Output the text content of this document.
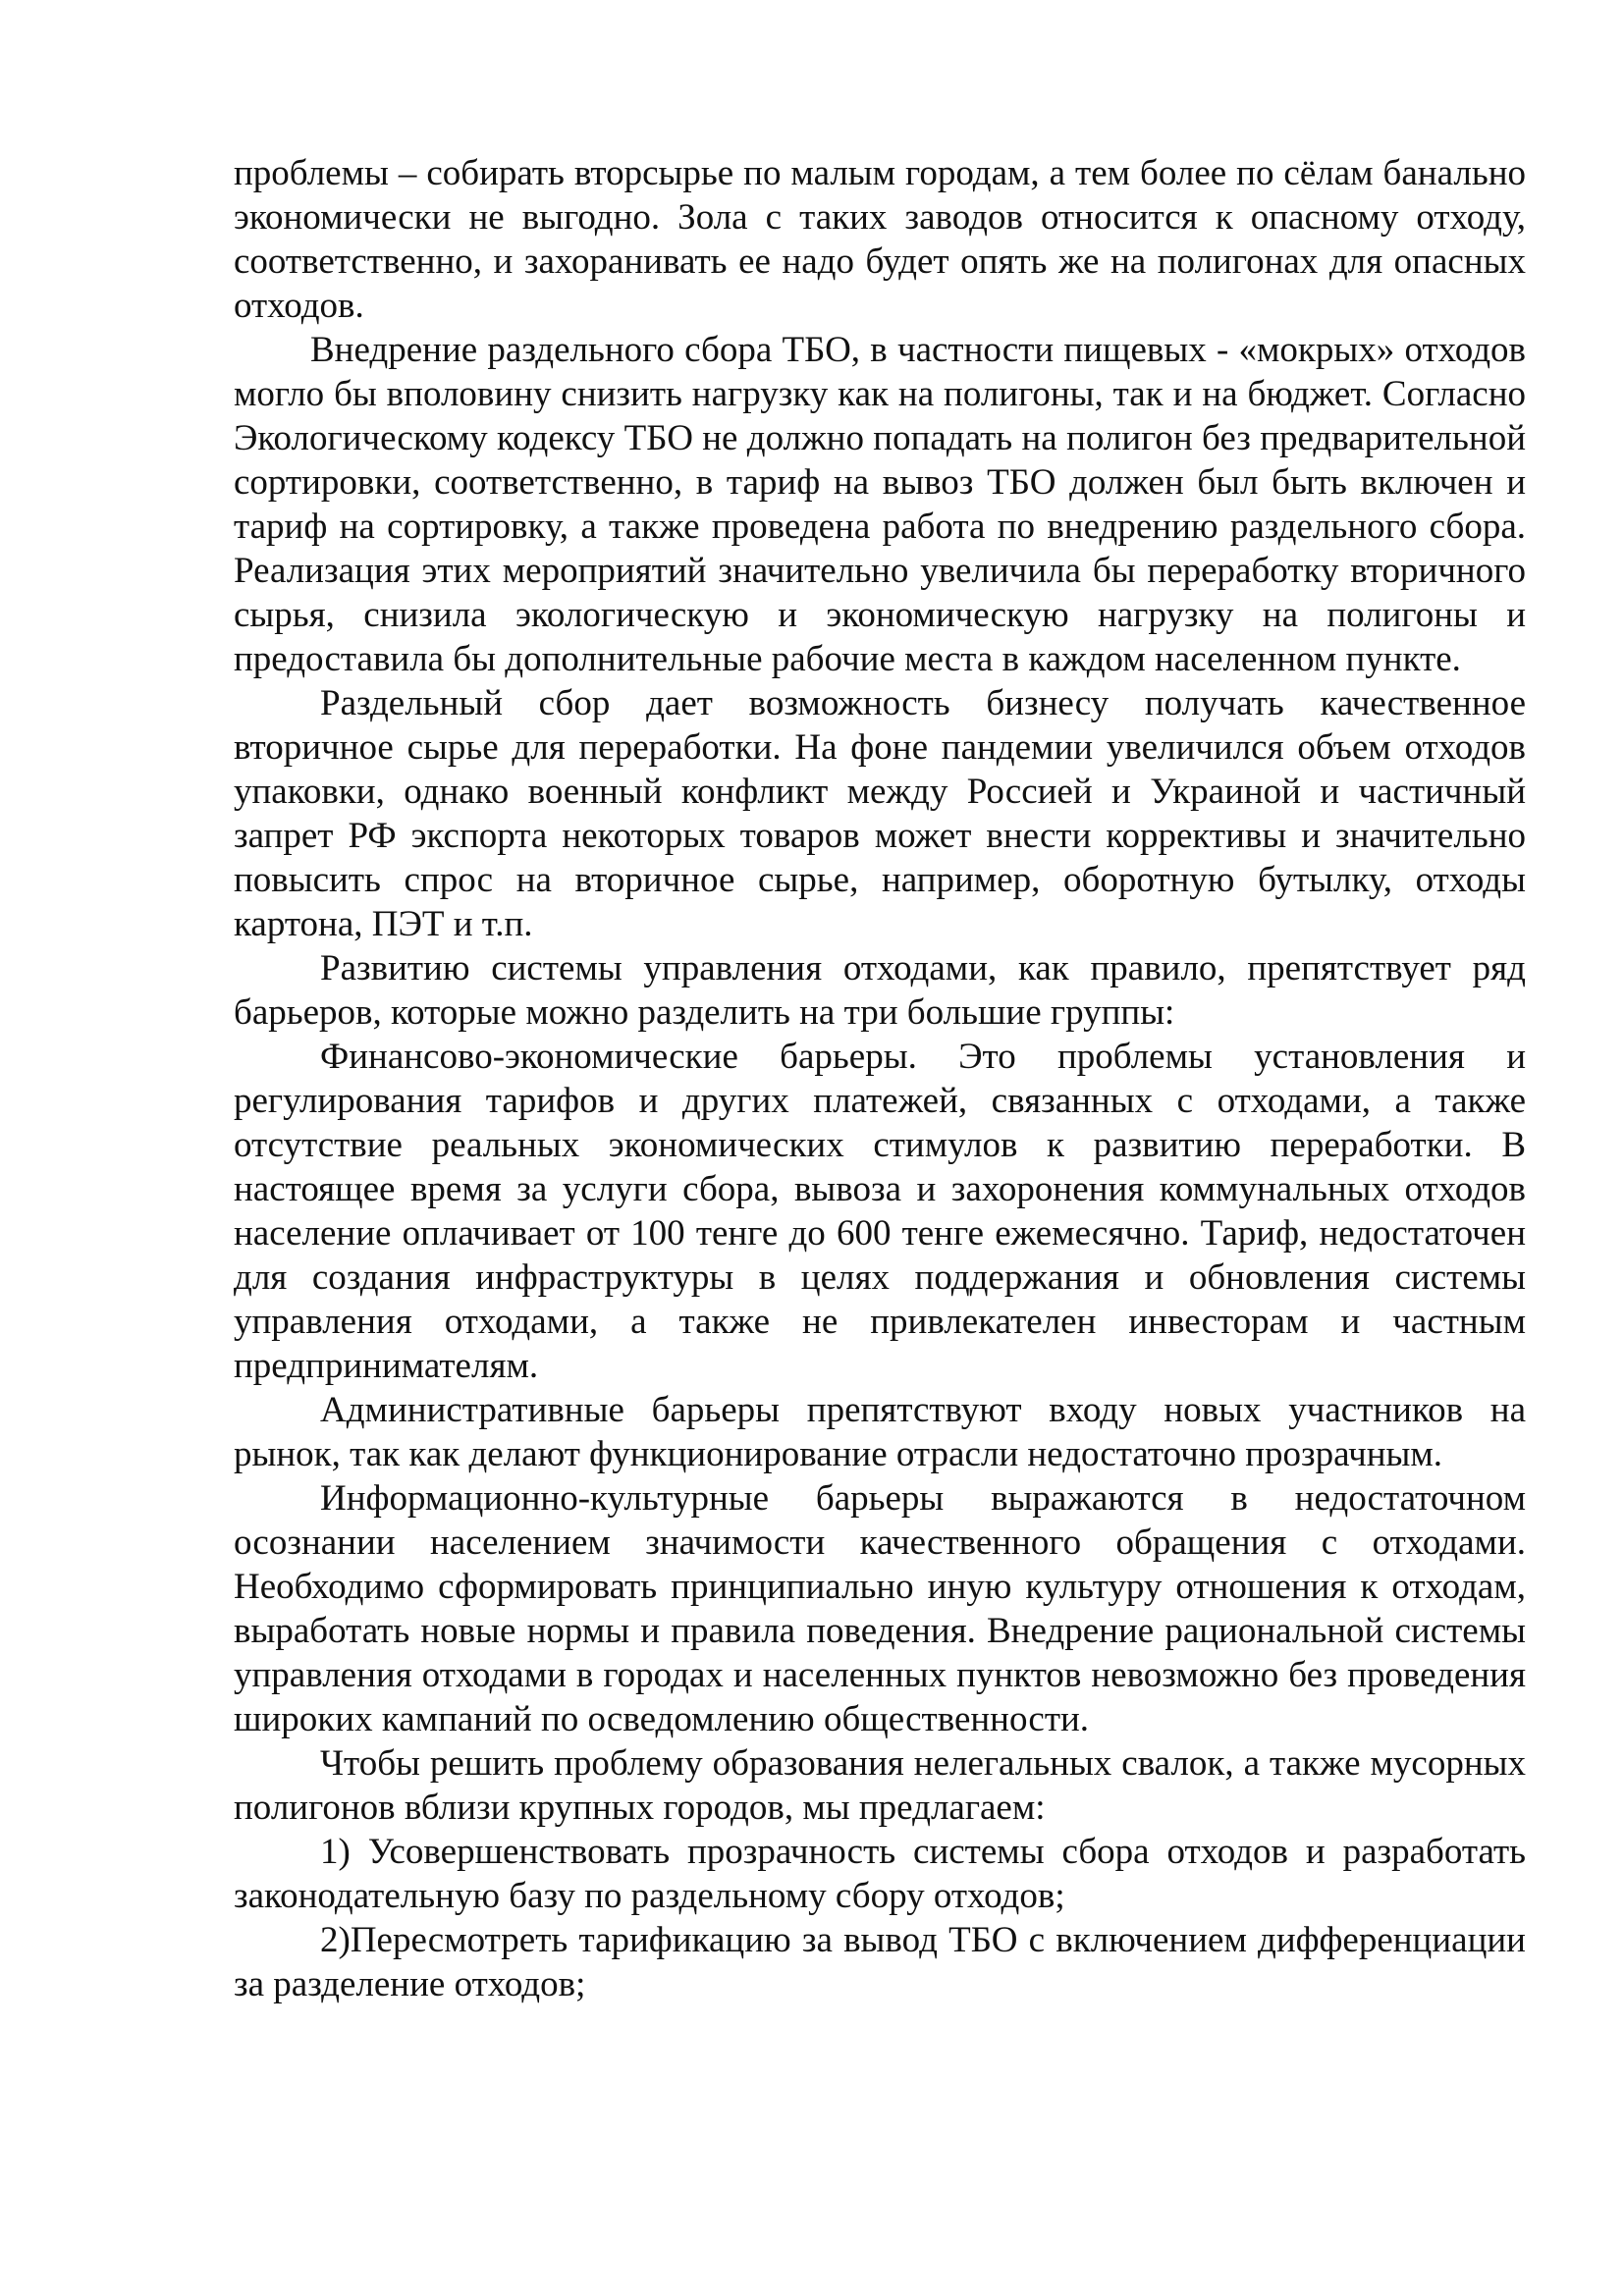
проблемы – собирать вторсырье по малым городам, а тем более по сёлам банально экономически не выгодно. Зола с таких заводов относится к опасному отходу, соответственно, и захоранивать ее надо будет опять же на полигонах для опасных отходов.

Внедрение раздельного сбора ТБО, в частности пищевых - «мокрых» отходов могло бы вполовину снизить нагрузку как на полигоны, так и на бюджет. Согласно Экологическому кодексу ТБО не должно попадать на полигон без предварительной сортировки, соответственно, в тариф на вывоз ТБО должен был быть включен и тариф на сортировку, а также проведена работа по внедрению раздельного сбора. Реализация этих мероприятий значительно увеличила бы переработку вторичного сырья, снизила экологическую и экономическую нагрузку на полигоны и предоставила бы дополнительные рабочие места в каждом населенном пункте.

Раздельный сбор дает возможность бизнесу получать качественное вторичное сырье для переработки. На фоне пандемии увеличился объем отходов упаковки, однако военный конфликт между Россией и Украиной и частичный запрет РФ экспорта некоторых товаров может внести коррективы и значительно повысить спрос на вторичное сырье, например, оборотную бутылку, отходы картона, ПЭТ и т.п.

Развитию системы управления отходами, как правило, препятствует ряд барьеров, которые можно разделить на три большие группы:

Финансово-экономические барьеры. Это проблемы установления и регулирования тарифов и других платежей, связанных с отходами, а также отсутствие реальных экономических стимулов к развитию переработки. В настоящее время за услуги сбора, вывоза и захоронения коммунальных отходов население оплачивает от 100 тенге до 600 тенге ежемесячно. Тариф, недостаточен для создания инфраструктуры в целях поддержания и обновления системы управления отходами, а также не привлекателен инвесторам и частным предпринимателям.

Административные барьеры препятствуют входу новых участников на рынок, так как делают функционирование отрасли недостаточно прозрачным.

Информационно-культурные барьеры выражаются в недостаточном осознании населением значимости качественного обращения с отходами. Необходимо сформировать принципиально иную культуру отношения к отходам, выработать новые нормы и правила поведения. Внедрение рациональной системы управления отходами в городах и населенных пунктов невозможно без проведения широких кампаний по осведомлению общественности.

Чтобы решить проблему образования нелегальных свалок, а также мусорных полигонов вблизи крупных городов, мы предлагаем:

1) Усовершенствовать прозрачность системы сбора отходов и разработать законодательную базу по раздельному сбору отходов;

2)Пересмотреть тарификацию за вывод ТБО с включением дифференциации за разделение отходов;
